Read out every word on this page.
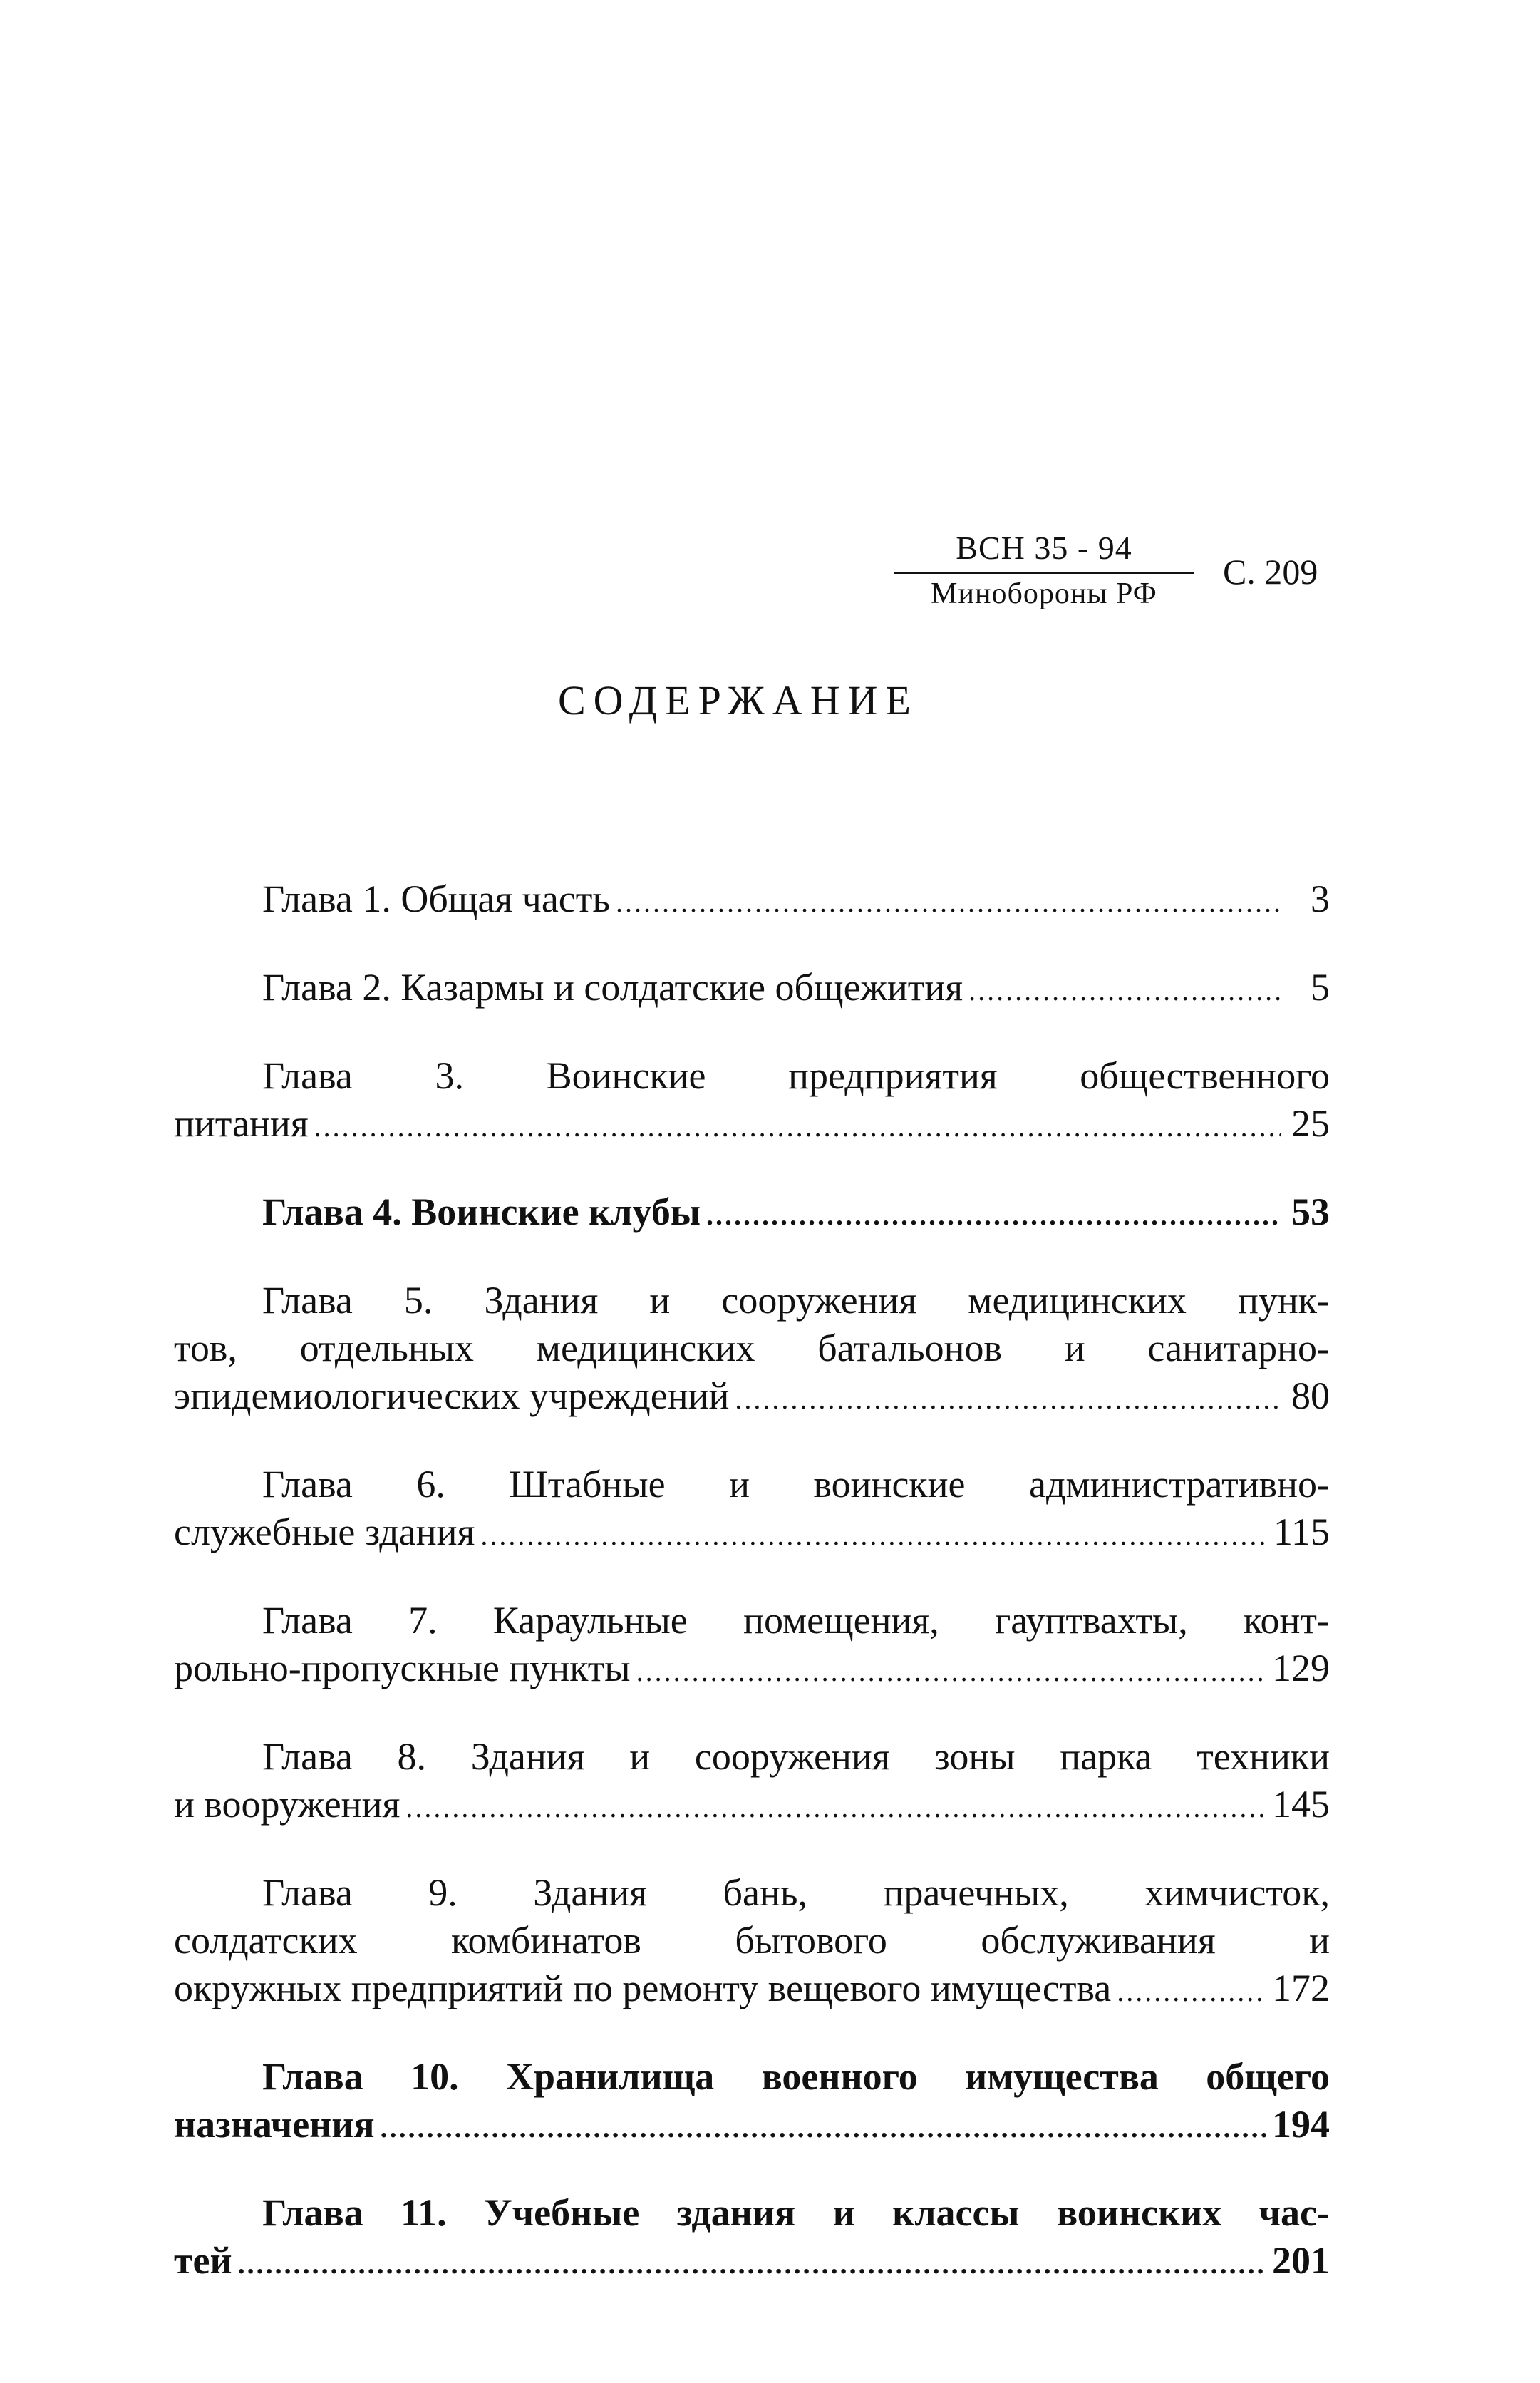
ВСН 35 - 94
Минобороны РФ
С. 209
СОДЕРЖАНИЕ
Глава 1. Общая часть .....	3
Глава 2. Казармы и солдатские общежития .....	5
Глава 3. Воинские предприятия общественного
питания .....	25
Глава 4. Воинские клубы .....	53
Глава 5. Здания и сооружения медицинских пунк-
тов, отдельных медицинских батальонов и санитарно-
эпидемиологических учреждений .....	80
Глава 6. Штабные и воинские административно-
служебные здания .....	115
Глава 7. Караульные помещения, гауптвахты, конт-
рольно-пропускные пункты .....	129
Глава 8. Здания и сооружения зоны парка техники
и вооружения .....	145
Глава 9. Здания бань, прачечных, химчисток,
солдатских комбинатов бытового обслуживания и
окружных предприятий по ремонту вещевого имущества .....	172
Глава 10. Хранилища военного имущества общего
назначения .....	194
Глава 11. Учебные здания и классы воинских час-
тей .....	201
